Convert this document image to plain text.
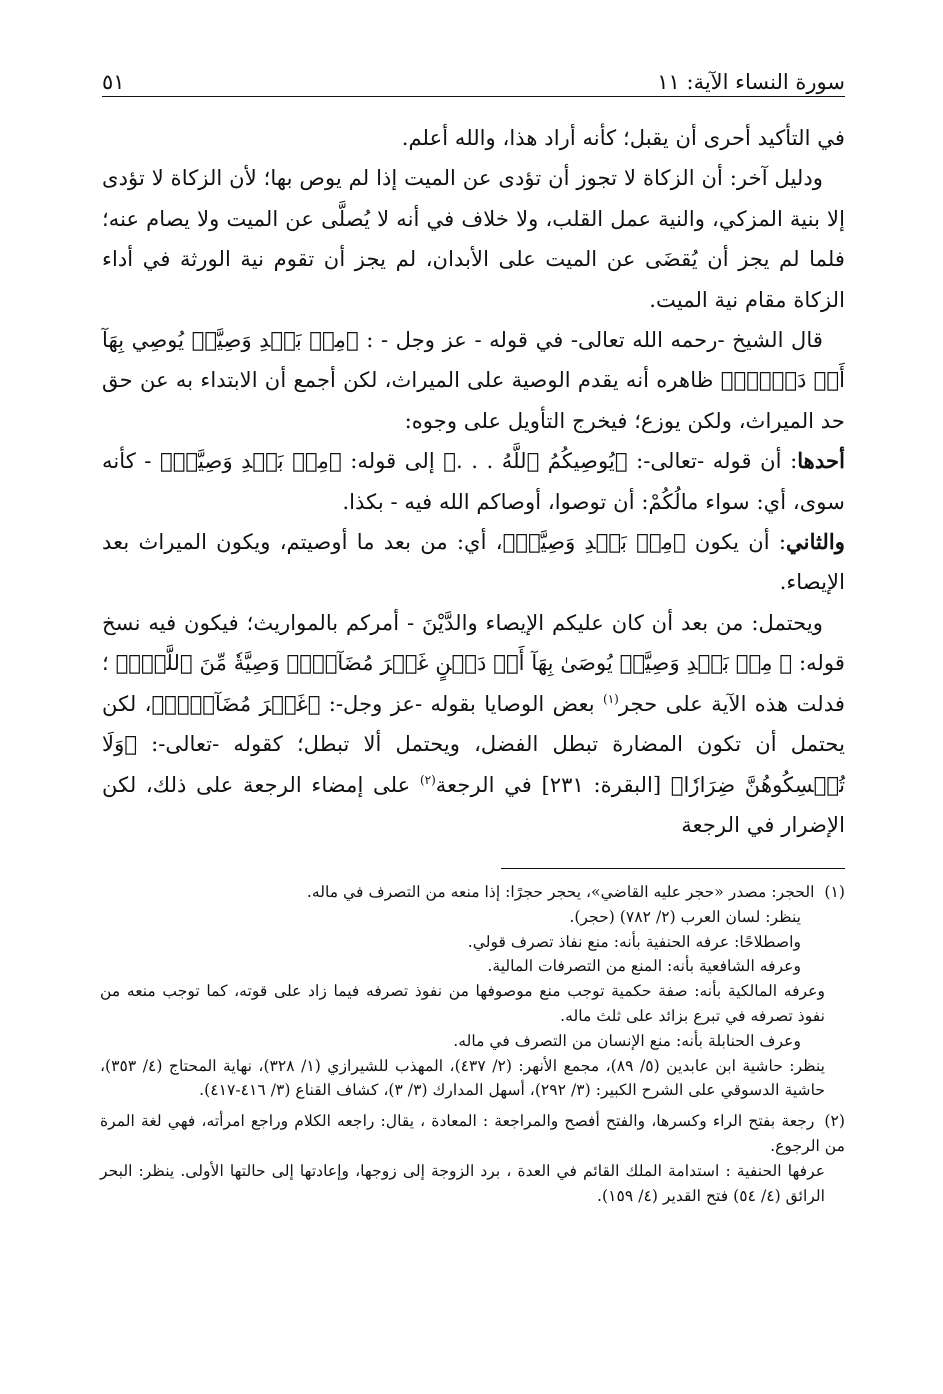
سورة النساء الآية: ١١
٥١

في التأكيد أحرى أن يقبل؛ كأنه أراد هذا، والله أعلم.

ودليل آخر: أن الزكاة لا تجوز أن تؤدى عن الميت إذا لم يوص بها؛ لأن الزكاة لا تؤدى إلا بنية المزكي، والنية عمل القلب، ولا خلاف في أنه لا يُصلَّى عن الميت ولا يصام عنه؛ فلما لم يجز أن يُقضَى عن الميت على الأبدان، لم يجز أن تقوم نية الورثة في أداء الزكاة مقام نية الميت.

قال الشيخ -رحمه الله تعالى- في قوله - عز وجل - : ﴿مِنۢ بَعۡدِ وَصِيَّةٖ يُوصِي بِهَآ أَوۡ دَيۡنٍۗ﴾ ظاهره أنه يقدم الوصية على الميراث، لكن أجمع أن الابتداء به عن حق حد الميراث، ولكن يوزع؛ فيخرج التأويل على وجوه:

أحدها: أن قوله -تعالى-: ﴿يُوصِيكُمُ ٱللَّهُ . . .﴾ إلى قوله: ﴿مِنۢ بَعۡدِ وَصِيَّةٖ﴾ - كأنه سوى، أي: سواء مالُكُمْ: أن توصوا، أوصاكم الله فيه - بكذا.

والثاني: أن يكون ﴿مِنۢ بَعۡدِ وَصِيَّةٖ﴾، أي: من بعد ما أوصيتم، ويكون الميراث بعد الإيصاء.

ويحتمل: من بعد أن كان عليكم الإيصاء والدَّيْنَ - أمركم بالمواريث؛ فيكون فيه نسخ قوله: ﴿ مِنۢ بَعۡدِ وَصِيَّةٖ يُوصَىٰ بِهَآ أَوۡ دَيۡنٍ غَيۡرَ مُضَآرّٖۚ وَصِيَّةٗ مِّنَ ٱللَّهِۗ﴾ ؛ فدلت هذه الآية على حجر$^{(١)}$ بعض الوصايا بقوله -عز وجل-: ﴿غَيۡرَ مُضَآرّٖۚ﴾، لكن يحتمل أن تكون المضارة تبطل الفضل، ويحتمل ألا تبطل؛ كقوله -تعالى-: ﴿وَلَا تُمۡسِكُوهُنَّ ضِرَارٗا﴾ [البقرة: ٢٣١] في الرجعة$^{(٢)}$ على إمضاء الرجعة على ذلك، لكن الإضرار في الرجعة

(١)الحجر: مصدر «حجر عليه القاضي»، يحجر حجرًا: إذا منعه من التصرف في ماله.

ينظر: لسان العرب (٢/ ٧٨٢) (حجر).

واصطلاحًا: عرفه الحنفية بأنه: منع نفاذ تصرف قولي.

وعرفه الشافعية بأنه: المنع من التصرفات المالية.

وعرفه المالكية بأنه: صفة حكمية توجب منع موصوفها من نفوذ تصرفه فيما زاد على قوته، كما توجب منعه من نفوذ تصرفه في تبرع بزائد على ثلث ماله.

وعرف الحنابلة بأنه: منع الإنسان من التصرف في ماله.

ينظر: حاشية ابن عابدين (٥/ ٨٩)، مجمع الأنهر: (٢/ ٤٣٧)، المهذب للشيرازي (١/ ٣٢٨)، نهاية المحتاج (٤/ ٣٥٣)، حاشية الدسوقي على الشرح الكبير: (٣/ ٢٩٢)، أسهل المدارك (٣/ ٣)، كشاف القناع (٣/ ٤١٦-٤١٧).

(٢)رجعة بفتح الراء وكسرها، والفتح أفصح والمراجعة : المعادة ، يقال: راجعه الكلام وراجع امرأته، فهي لغة المرة من الرجوع.

عرفها الحنفية : استدامة الملك القائم في العدة ، برد الزوجة إلى زوجها، وإعادتها إلى حالتها الأولى. ينظر: البحر الرائق (٤/ ٥٤) فتح القدير (٤/ ١٥٩).
